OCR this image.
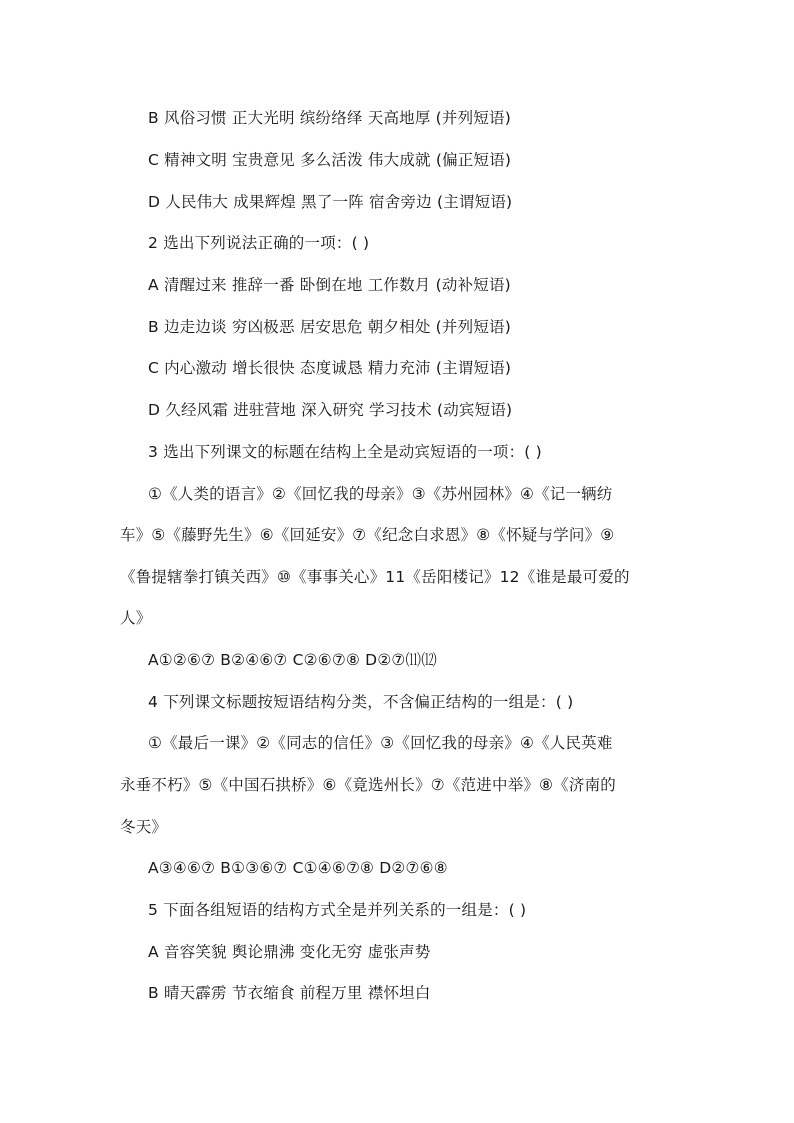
B 风俗习惯 正大光明 缤纷络绎 天高地厚 (并列短语)
C 精神文明 宝贵意见 多么活泼 伟大成就 (偏正短语)
D 人民伟大 成果辉煌 黑了一阵 宿舍旁边 (主谓短语)
2 选出下列说法正确的一项：( )
A 清醒过来 推辞一番 卧倒在地 工作数月 (动补短语)
B 边走边谈 穷凶极恶 居安思危 朝夕相处 (并列短语)
C 内心激动 增长很快 态度诚恳 精力充沛 (主谓短语)
D 久经风霜 进驻营地 深入研究 学习技术 (动宾短语)
3 选出下列课文的标题在结构上全是动宾短语的一项：( )
①《人类的语言》②《回忆我的母亲》③《苏州园林》④《记一辆纺
车》⑤《藤野先生》⑥《回延安》⑦《纪念白求恩》⑧《怀疑与学问》⑨
《鲁提辖拳打镇关西》⑩《事事关心》11《岳阳楼记》12《谁是最可爱的
人》
A①②⑥⑦ B②④⑥⑦ C②⑥⑦⑧ D②⑦⑾⑿
4 下列课文标题按短语结构分类，不含偏正结构的一组是：( )
①《最后一课》②《同志的信任》③《回忆我的母亲》④《人民英难
永垂不朽》⑤《中国石拱桥》⑥《竟选州长》⑦《范进中举》⑧《济南的
冬天》
A③④⑥⑦ B①③⑥⑦ C①④⑥⑦⑧ D②⑦⑥⑧
5 下面各组短语的结构方式全是并列关系的一组是：( )
A 音容笑貌 舆论鼎沸 变化无穷 虚张声势
B 晴天霹雳 节衣缩食 前程万里 襟怀坦白
